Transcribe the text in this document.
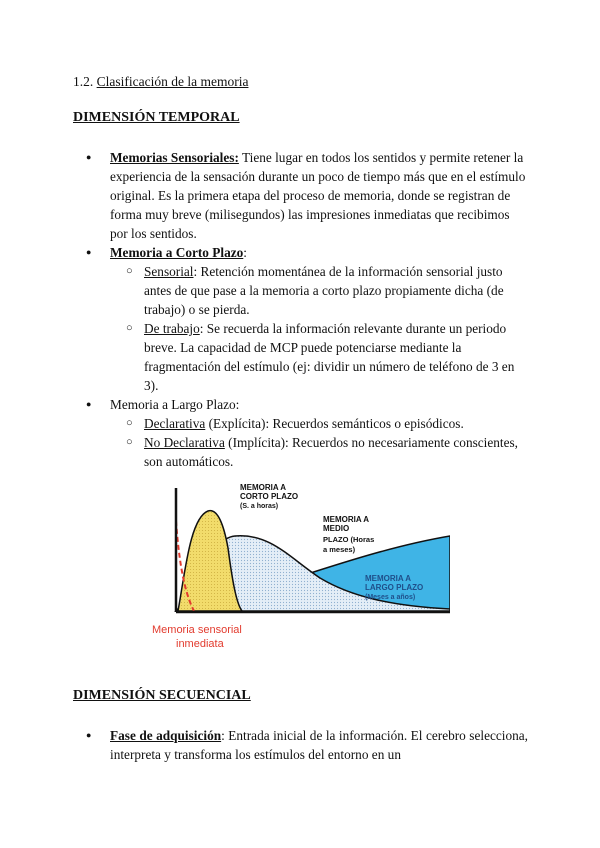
1.2. Clasificación de la memoria
DIMENSIÓN TEMPORAL
● Memorias Sensoriales: Tiene lugar en todos los sentidos y permite retener la experiencia de la sensación durante un poco de tiempo más que en el estímulo original. Es la primera etapa del proceso de memoria, donde se registran de forma muy breve (milisegundos) las impresiones inmediatas que recibimos por los sentidos.
● Memoria a Corto Plazo:
○ Sensorial: Retención momentánea de la información sensorial justo antes de que pase a la memoria a corto plazo propiamente dicha (de trabajo) o se pierda.
○ De trabajo: Se recuerda la información relevante durante un periodo breve. La capacidad de MCP puede potenciarse mediante la fragmentación del estímulo (ej: dividir un número de teléfono de 3 en 3).
● Memoria a Largo Plazo:
○ Declarativa (Explícita): Recuerdos semánticos o episódicos.
○ No Declarativa (Implícita): Recuerdos no necesariamente conscientes, son automáticos.
MEMORIA A
CORTO PLAZO
(S. a horas)
MEMORIA A
MEDIO
PLAZO (Horas
a meses)
MEMORIA A
LARGO PLAZO
(Meses a años)
Memoria sensorial
inmediata
DIMENSIÓN SECUENCIAL
● Fase de adquisición: Entrada inicial de la información. El cerebro selecciona, interpreta y transforma los estímulos del entorno en un
